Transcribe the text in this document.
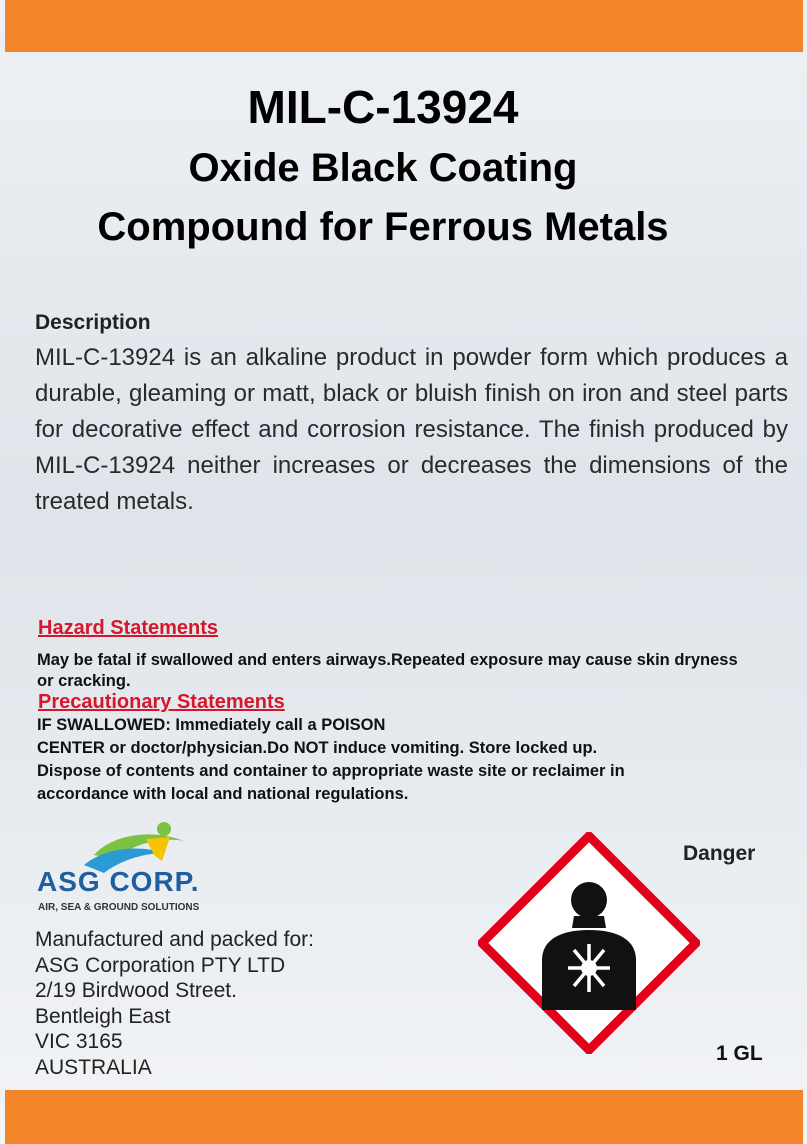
MIL-C-13924
Oxide Black Coating
Compound for Ferrous Metals
Description
MIL-C-13924 is an alkaline product in powder form which produces a durable, gleaming or matt, black or bluish finish on iron and steel parts for decorative effect and corrosion resistance. The finish produced by MIL-C-13924 neither increases or decreases the dimensions of the treated metals.
Hazard Statements
May be fatal if swallowed and enters airways.Repeated exposure may cause skin dryness or cracking.
Precautionary Statements
IF SWALLOWED: Immediately call a POISON
CENTER or doctor/physician.Do NOT induce vomiting. Store locked up.
Dispose of contents and container to appropriate waste site or reclaimer in
accordance with local and national regulations.
ASG CORP.
AIR, SEA & GROUND SOLUTIONS
Manufactured and packed for:
ASG Corporation PTY LTD
2/19 Birdwood Street.
Bentleigh East
VIC 3165
AUSTRALIA
Danger
1 GL
